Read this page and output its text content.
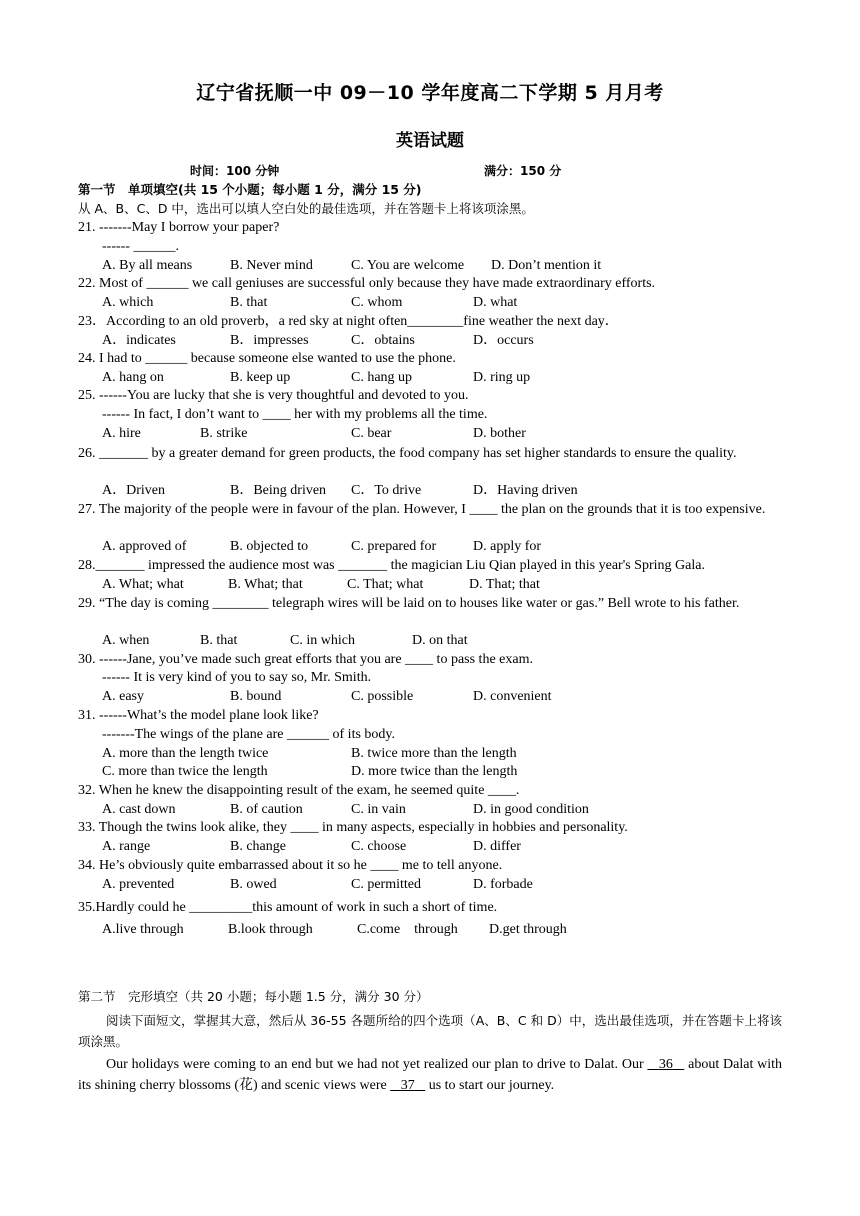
辽宁省抚顺一中 09－10 学年度高二下学期 5 月月考
英语试题
时间：100 分钟	满分：150 分
第一节　单项填空(共 15 个小题；每小题 1 分，满分 15 分)
从 A、B、C、D 中，选出可以填人空白处的最佳选项，并在答题卡上将该项涂黑。
21. -------May I borrow your paper?
------ ______.
A. By all means	B. Never mind	C. You are welcome D. Don’t mention it
22. Most of ______ we call geniuses are successful only because they have made extraordinary efforts.
A. which	B. that	C. whom	D. what
23．According to an old proverb，a red sky at night often________fine weather the next day．
A．indicates	B．impresses	C．obtains	D．occurs
24. I had to ______ because someone else wanted to use the phone.
A. hang on	B. keep up	C. hang up	D. ring up
25. ------You are lucky that she is very thoughtful and devoted to you.
------ In fact, I don’t want to ____ her with my problems all the time.
A. hire	B. strike	C. bear	D. bother
26. _______ by a greater demand for green products, the food company has set higher standards to ensure the quality.
A．Driven	B．Being driven C．To drive	D．Having driven
27. The majority of the people were in favour of the plan. However, I ____ the plan on the grounds that it is too expensive.
A. approved of	B. objected to	C. prepared for	D. apply for
28._______ impressed the audience most was _______ the magician Liu Qian played in this year's Spring Gala.
A. What; what	B. What; that	C. That; what	D. That; that
29. “The day is coming ________ telegraph wires will be laid on to houses like water or gas.” Bell wrote to his father.
A. when	B. that	C. in which	D. on that
30. ------Jane, you’ve made such great efforts that you are ____ to pass the exam.
------ It is very kind of you to say so, Mr. Smith.
A. easy	B. bound	C. possible	D. convenient
31. ------What’s the model plane look like?
-------The wings of the plane are ______ of its body.
A. more than the length twice	B. twice more than the length
C. more than twice the length	D. more twice than the length
32. When he knew the disappointing result of the exam, he seemed quite ____.
A. cast down	B. of caution	C. in vain	D. in good condition
33. Though the twins look alike, they ____ in many aspects, especially in hobbies and personality.
A. range	B. change	C. choose	D. differ
34. He’s obviously quite embarrassed about it so he ____ me to tell anyone.
A. prevented	B. owed	C. permitted	D. forbade
35.Hardly could he _________this amount of work in such a short of time.
A.live through	B.look through	C.come　through D.get through
第二节　完形填空（共 20 小题；每小题 1.5 分，满分 30 分）
阅读下面短文，掌握其大意，然后从 36-55 各题所给的四个选项（A、B、C 和 D）中，选出最佳选项，并在答题卡上将该项涂黑。
Our holidays were coming to an end but we had not yet realized our plan to drive to Dalat. Our 36 about Dalat with its shining cherry blossoms (花) and scenic views were 37 us to start our journey.
